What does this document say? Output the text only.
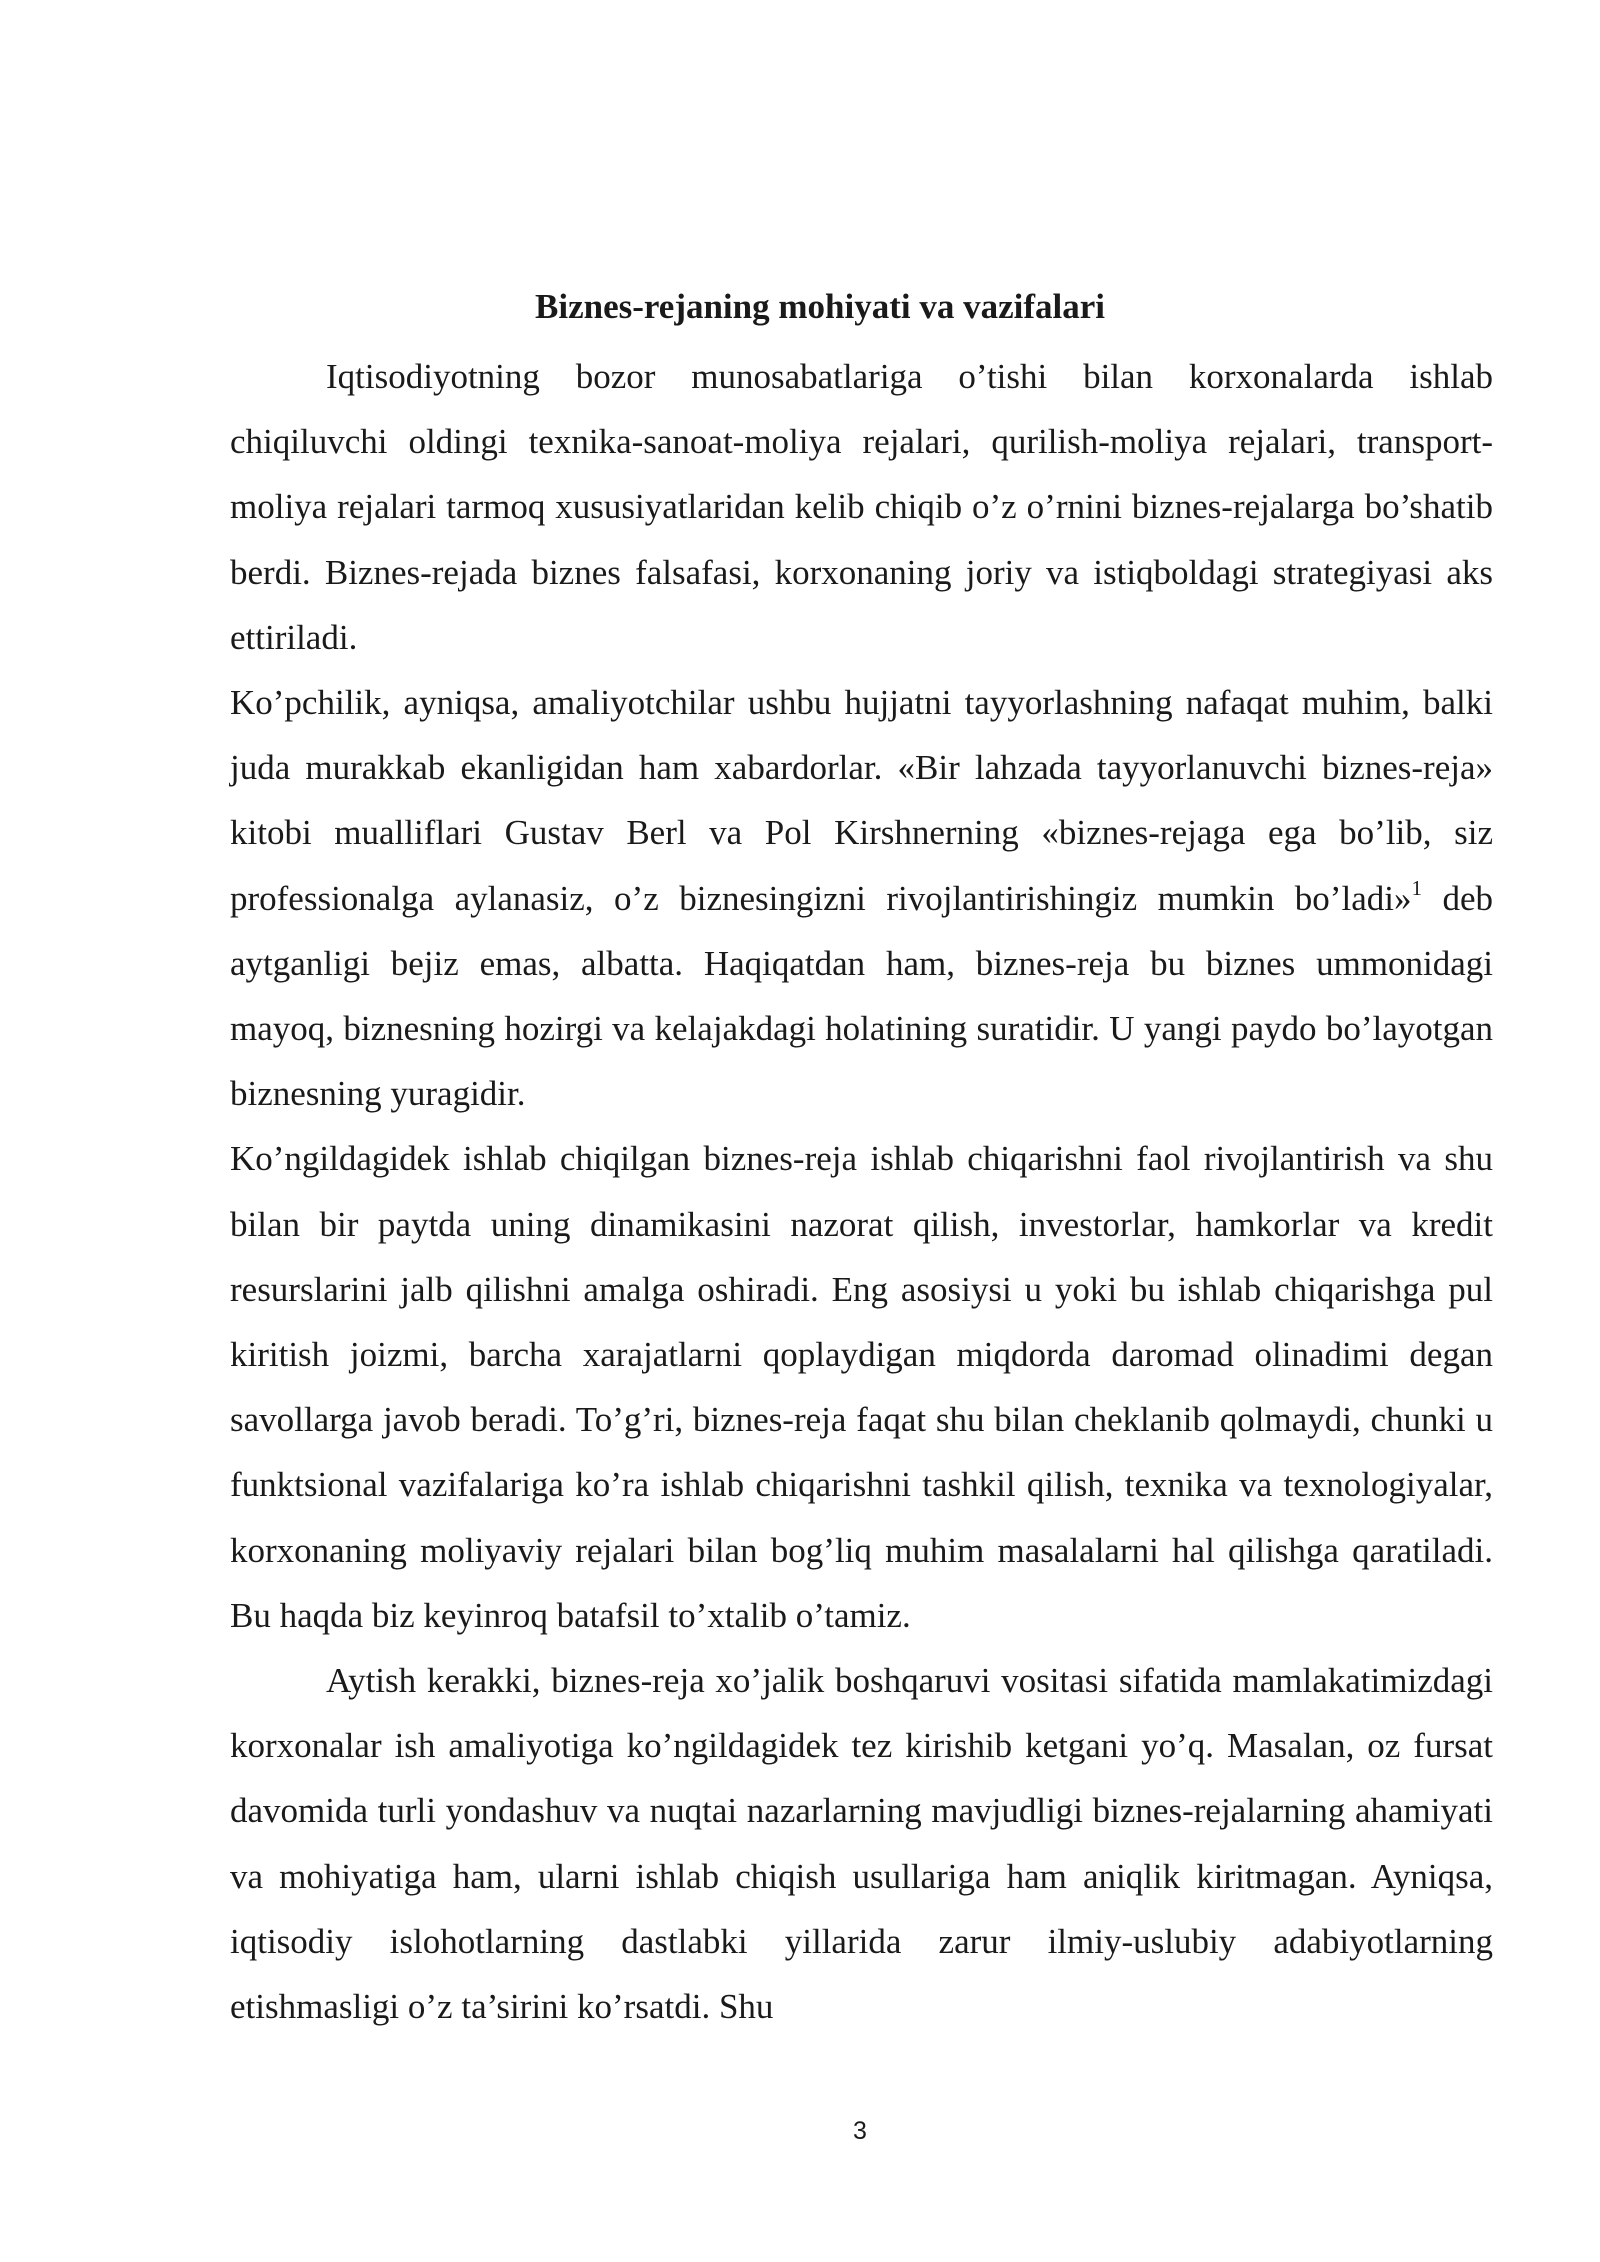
Biznes-rejaning mohiyati va vazifalari

Iqtisodiyotning bozor munosabatlariga o’tishi bilan korxonalarda ishlab chiqiluvchi oldingi texnika-sanoat-moliya rejalari, qurilish-moliya rejalari, transport-moliya rejalari tarmoq xususiyatlaridan kelib chiqib o’z o’rnini biznes-rejalarga bo’shatib berdi. Biznes-rejada biznes falsafasi, korxonaning joriy va istiqboldagi strategiyasi aks ettiriladi.

Ko’pchilik, ayniqsa, amaliyotchilar ushbu hujjatni tayyorlashning nafaqat muhim, balki juda murakkab ekanligidan ham xabardorlar. «Bir lahzada tayyorlanuvchi biznes-reja» kitobi mualliflari Gustav Berl va Pol Kirshnerning «biznes-rejaga ega bo’lib, siz professionalga aylanasiz, o’z biznesingizni rivojlantirishingiz mumkin bo’ladi»$^1$ deb aytganligi bejiz emas, albatta. Haqiqatdan ham, biznes-reja bu biznes ummonidagi mayoq, biznesning hozirgi va kelajakdagi holatining suratidir. U yangi paydo bo’layotgan biznesning yuragidir.

Ko’ngildagidek ishlab chiqilgan biznes-reja ishlab chiqarishni faol rivojlantirish va shu bilan bir paytda uning dinamikasini nazorat qilish, investorlar, hamkorlar va kredit resurslarini jalb qilishni amalga oshiradi. Eng asosiysi u yoki bu ishlab chiqarishga pul kiritish joizmi, barcha xarajatlarni qoplaydigan miqdorda daromad olinadimi degan savollarga javob beradi. To’g’ri, biznes-reja faqat shu bilan cheklanib qolmaydi, chunki u funktsional vazifalariga ko’ra ishlab chiqarishni tashkil qilish, texnika va texnologiyalar, korxonaning moliyaviy rejalari bilan bog’liq muhim masalalarni hal qilishga qaratiladi. Bu haqda biz keyinroq batafsil to’xtalib o’tamiz.

Aytish kerakki, biznes-reja xo’jalik boshqaruvi vositasi sifatida mamlakatimizdagi korxonalar ish amaliyotiga ko’ngildagidek tez kirishib ketgani yo’q. Masalan, oz fursat davomida turli yondashuv va nuqtai nazarlarning mavjudligi biznes-rejalarning ahamiyati va mohiyatiga ham, ularni ishlab chiqish usullariga ham aniqlik kiritmagan. Ayniqsa, iqtisodiy islohotlarning dastlabki yillarida zarur ilmiy-uslubiy adabiyotlarning etishmasligi o’z ta’sirini ko’rsatdi. Shu

3
